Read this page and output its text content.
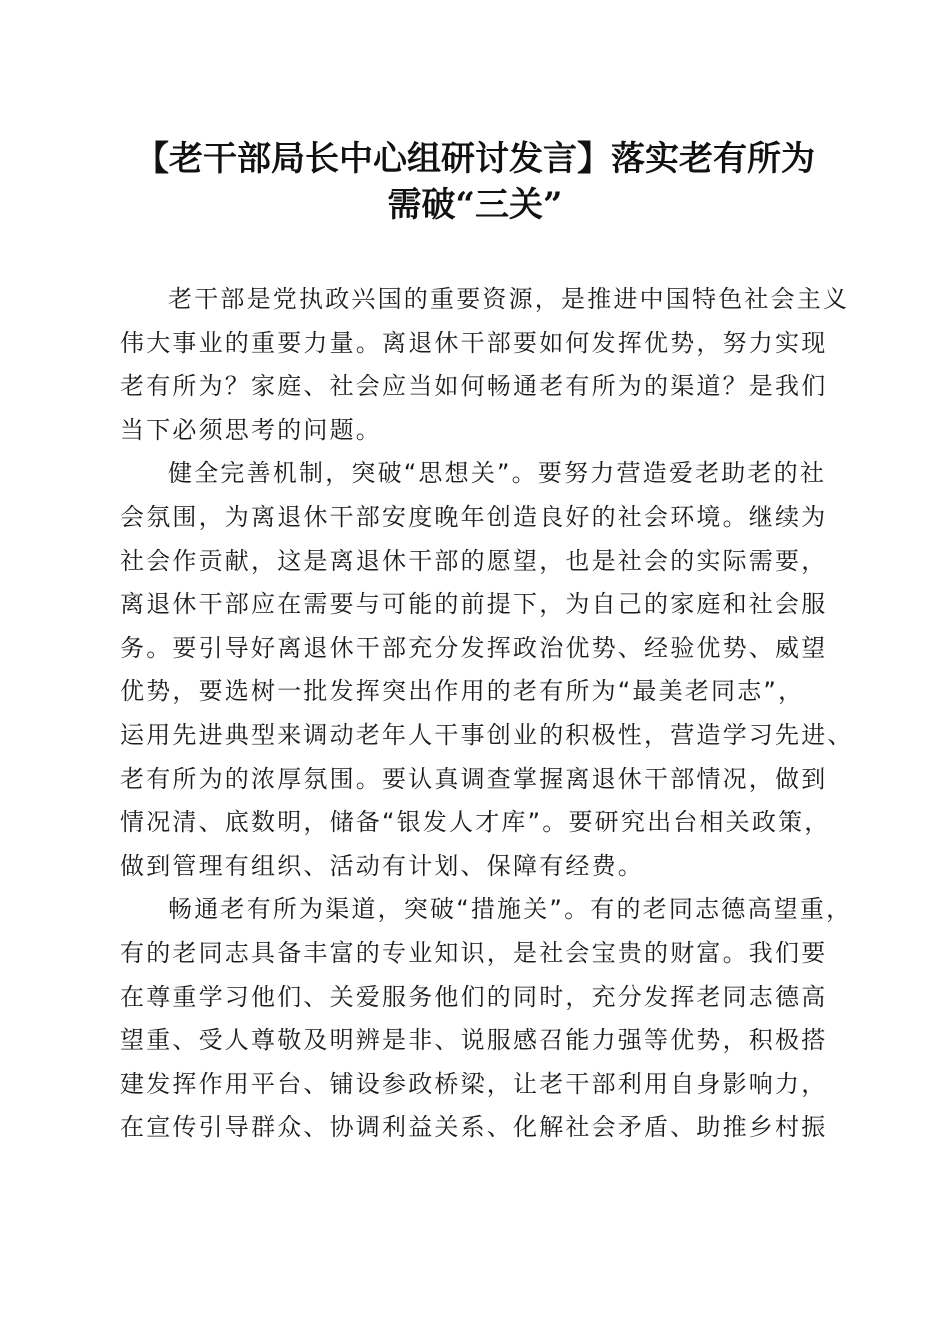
【老干部局长中心组研讨发言】落实老有所为
需破“三关”

老干部是党执政兴国的重要资源，是推进中国特色社会主义
伟大事业的重要力量。离退休干部要如何发挥优势，努力实现
老有所为？家庭、社会应当如何畅通老有所为的渠道？是我们
当下必须思考的问题。

健全完善机制，突破“思想关”。要努力营造爱老助老的社
会氛围，为离退休干部安度晚年创造良好的社会环境。继续为
社会作贡献，这是离退休干部的愿望，也是社会的实际需要，
离退休干部应在需要与可能的前提下，为自己的家庭和社会服
务。要引导好离退休干部充分发挥政治优势、经验优势、威望
优势，要选树一批发挥突出作用的老有所为“最美老同志”，
运用先进典型来调动老年人干事创业的积极性，营造学习先进、
老有所为的浓厚氛围。要认真调查掌握离退休干部情况，做到
情况清、底数明，储备“银发人才库”。要研究出台相关政策，
做到管理有组织、活动有计划、保障有经费。

畅通老有所为渠道，突破“措施关”。有的老同志德高望重，
有的老同志具备丰富的专业知识，是社会宝贵的财富。我们要
在尊重学习他们、关爱服务他们的同时，充分发挥老同志德高
望重、受人尊敬及明辨是非、说服感召能力强等优势，积极搭
建发挥作用平台、铺设参政桥梁，让老干部利用自身影响力，
在宣传引导群众、协调利益关系、化解社会矛盾、助推乡村振
